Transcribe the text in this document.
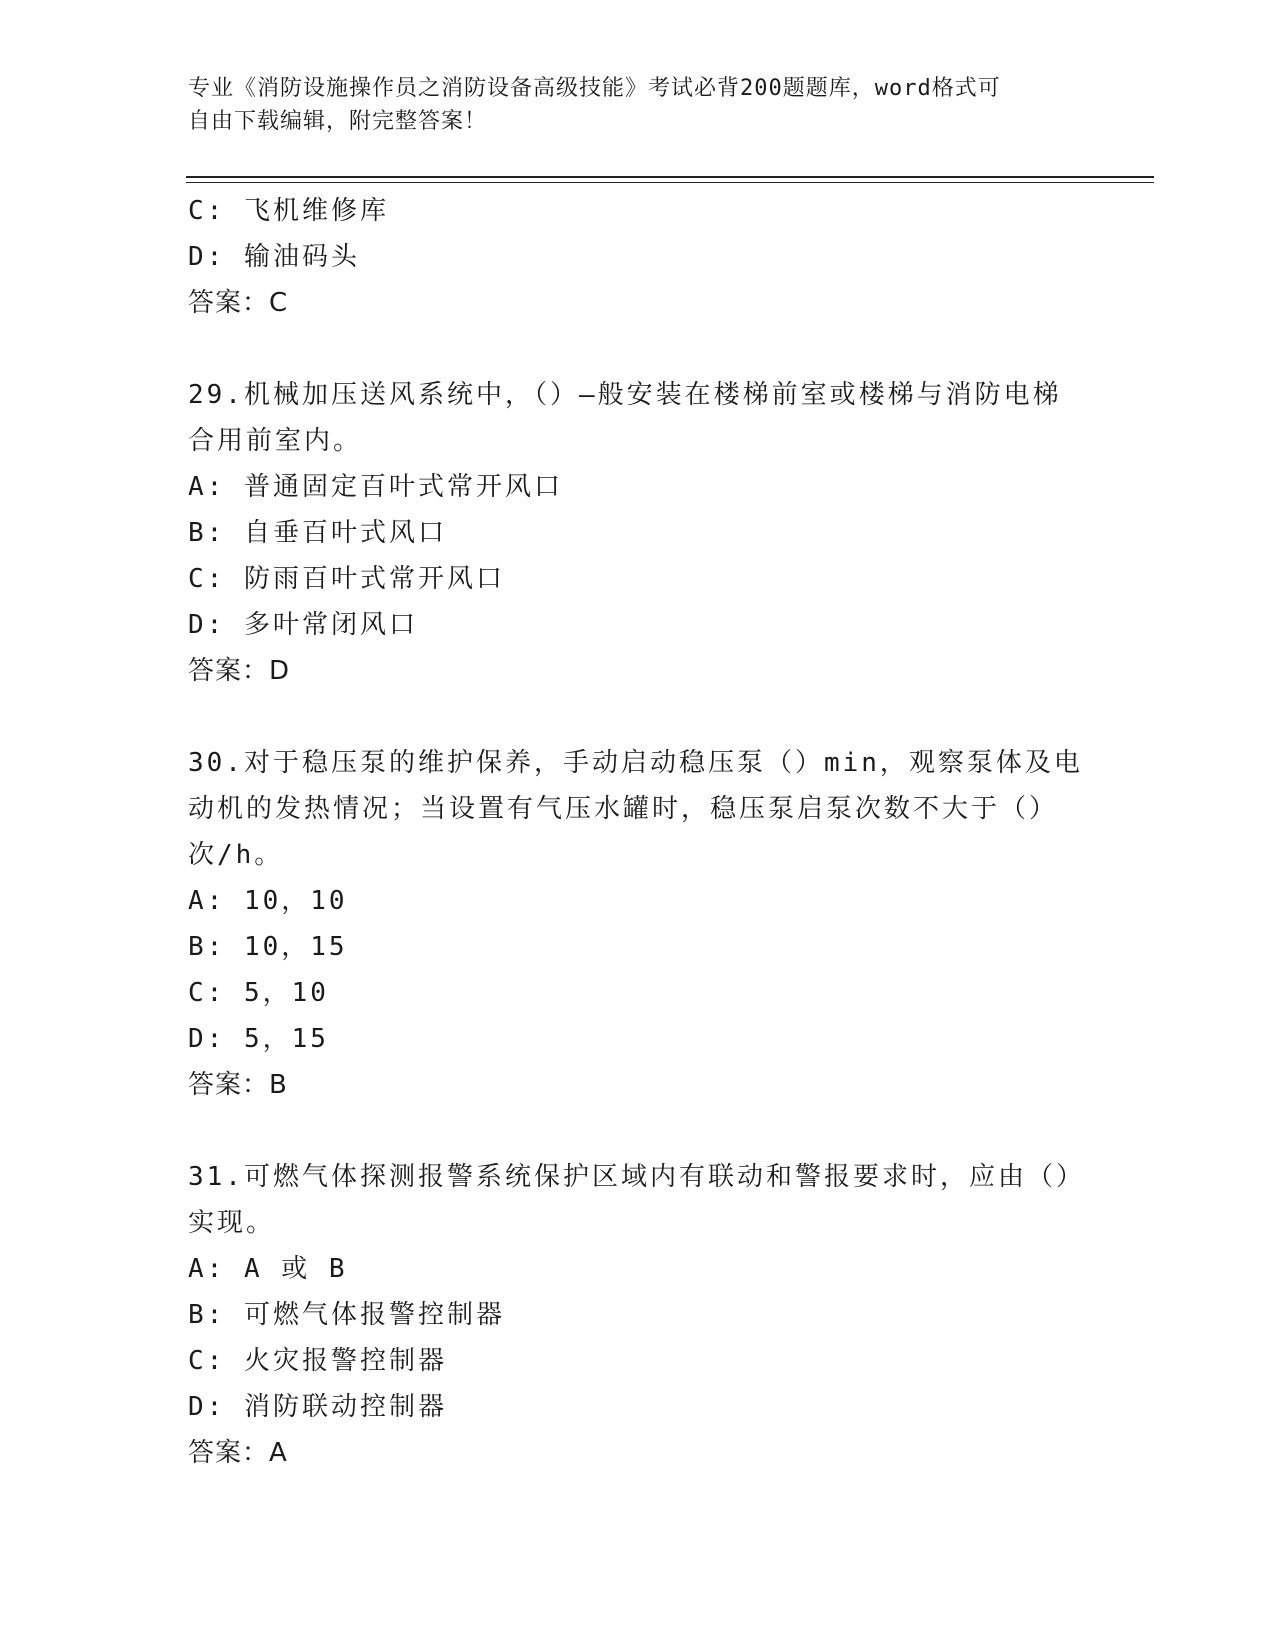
专业《消防设施操作员之消防设备高级技能》考试必背200题题库，word格式可
自由下载编辑，附完整答案！
C: 飞机维修库
D: 输油码头
答案：C
29.机械加压送风系统中，（）—般安装在楼梯前室或楼梯与消防电梯
合用前室内。
A: 普通固定百叶式常开风口
B: 自垂百叶式风口
C: 防雨百叶式常开风口
D: 多叶常闭风口
答案：D
30.对于稳压泵的维护保养，手动启动稳压泵（）min，观察泵体及电
动机的发热情况；当设置有气压水罐时，稳压泵启泵次数不大于（）
次/h。
A: 10，10
B: 10，15
C: 5，10
D: 5，15
答案：B
31.可燃气体探测报警系统保护区域内有联动和警报要求时，应由（）
实现。
A: A 或 B
B: 可燃气体报警控制器
C: 火灾报警控制器
D: 消防联动控制器
答案：A
